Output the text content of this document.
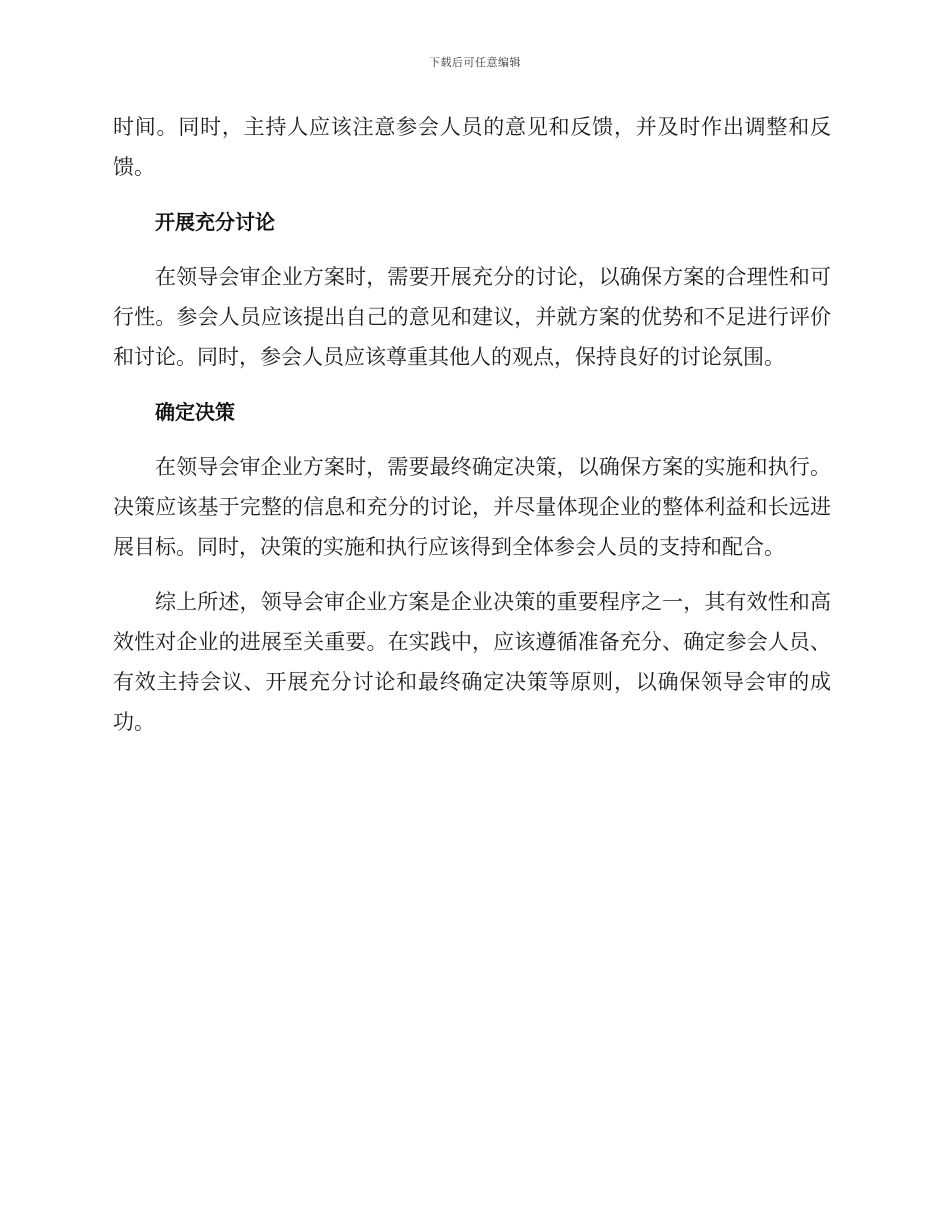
下载后可任意编辑

时间。同时，主持人应该注意参会人员的意见和反馈，并及时作出调整和反馈。

开展充分讨论

在领导会审企业方案时，需要开展充分的讨论，以确保方案的合理性和可行性。参会人员应该提出自己的意见和建议，并就方案的优势和不足进行评价和讨论。同时，参会人员应该尊重其他人的观点，保持良好的讨论氛围。

确定决策

在领导会审企业方案时，需要最终确定决策，以确保方案的实施和执行。决策应该基于完整的信息和充分的讨论，并尽量体现企业的整体利益和长远进展目标。同时，决策的实施和执行应该得到全体参会人员的支持和配合。

综上所述，领导会审企业方案是企业决策的重要程序之一，其有效性和高效性对企业的进展至关重要。在实践中，应该遵循准备充分、确定参会人员、有效主持会议、开展充分讨论和最终确定决策等原则，以确保领导会审的成功。
